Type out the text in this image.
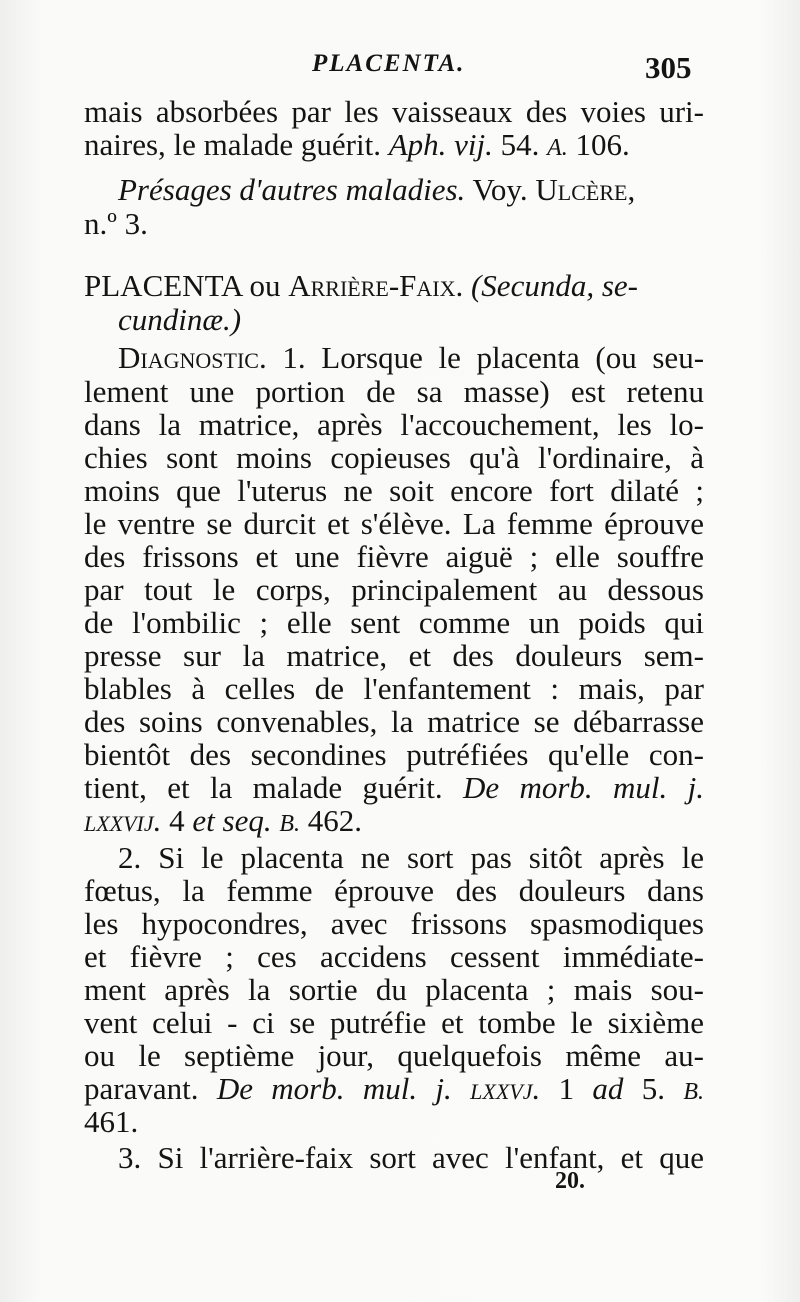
PLACENTA.	305
mais absorbées par les vaisseaux des voies uri-
naires, le malade guérit. Aph. vij. 54. A. 106.
Présages d'autres maladies. Voy. Ulcère,
n.º 3.
PLACENTA ou Arrière-Faix. (Secunda, se-
cundinæ.)
Diagnostic. 1. Lorsque le placenta (ou seu-
lement une portion de sa masse) est retenu
dans la matrice, après l'accouchement, les lo-
chies sont moins copieuses qu'à l'ordinaire, à
moins que l'uterus ne soit encore fort dilaté ;
le ventre se durcit et s'élève. La femme éprouve
des frissons et une fièvre aiguë ; elle souffre
par tout le corps, principalement au dessous
de l'ombilic ; elle sent comme un poids qui
presse sur la matrice, et des douleurs sem-
blables à celles de l'enfantement : mais, par
des soins convenables, la matrice se débarrasse
bientôt des secondines putréfiées qu'elle con-
tient, et la malade guérit. De morb. mul. j.
lxxvij. 4 et seq. B. 462.
2. Si le placenta ne sort pas sitôt après le
fœtus, la femme éprouve des douleurs dans
les hypocondres, avec frissons spasmodiques
et fièvre ; ces accidens cessent immédiate-
ment après la sortie du placenta ; mais sou-
vent celui - ci se putréfie et tombe le sixième
ou le septième jour, quelquefois même au-
paravant. De morb. mul. j. lxxvj. 1 ad 5. B.
461.
3. Si l'arrière-faix sort avec l'enfant, et que
20.
